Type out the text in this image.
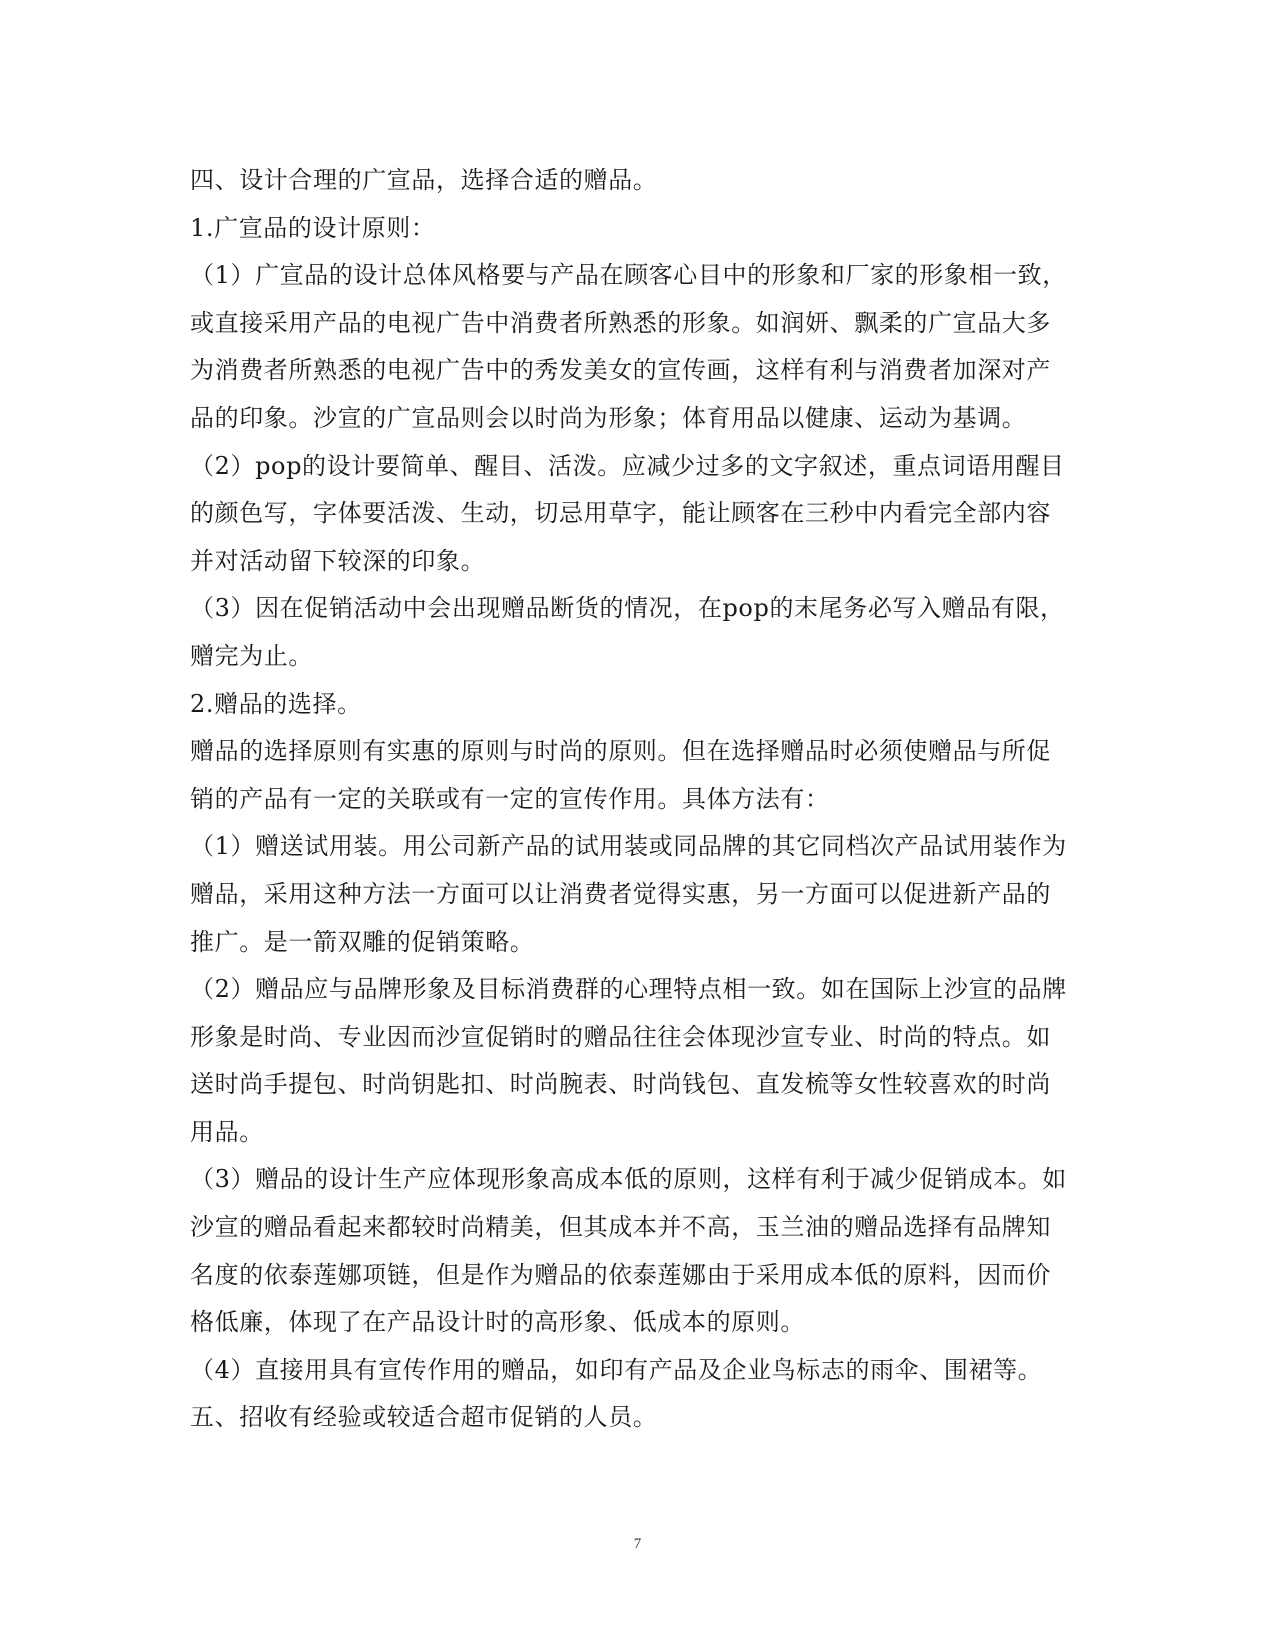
四、设计合理的广宣品，选择合适的赠品。
1.广宣品的设计原则：
（1）广宣品的设计总体风格要与产品在顾客心目中的形象和厂家的形象相一致，
或直接采用产品的电视广告中消费者所熟悉的形象。如润妍、飘柔的广宣品大多
为消费者所熟悉的电视广告中的秀发美女的宣传画，这样有利与消费者加深对产
品的印象。沙宣的广宣品则会以时尚为形象；体育用品以健康、运动为基调。
（2）pop的设计要简单、醒目、活泼。应减少过多的文字叙述，重点词语用醒目
的颜色写，字体要活泼、生动，切忌用草字，能让顾客在三秒中内看完全部内容
并对活动留下较深的印象。
（3）因在促销活动中会出现赠品断货的情况，在pop的末尾务必写入赠品有限，
赠完为止。
2.赠品的选择。
赠品的选择原则有实惠的原则与时尚的原则。但在选择赠品时必须使赠品与所促
销的产品有一定的关联或有一定的宣传作用。具体方法有：
（1）赠送试用装。用公司新产品的试用装或同品牌的其它同档次产品试用装作为
赠品，采用这种方法一方面可以让消费者觉得实惠，另一方面可以促进新产品的
推广。是一箭双雕的促销策略。
（2）赠品应与品牌形象及目标消费群的心理特点相一致。如在国际上沙宣的品牌
形象是时尚、专业因而沙宣促销时的赠品往往会体现沙宣专业、时尚的特点。如
送时尚手提包、时尚钥匙扣、时尚腕表、时尚钱包、直发梳等女性较喜欢的时尚
用品。
（3）赠品的设计生产应体现形象高成本低的原则，这样有利于减少促销成本。如
沙宣的赠品看起来都较时尚精美，但其成本并不高，玉兰油的赠品选择有品牌知
名度的依泰莲娜项链，但是作为赠品的依泰莲娜由于采用成本低的原料，因而价
格低廉，体现了在产品设计时的高形象、低成本的原则。
（4）直接用具有宣传作用的赠品，如印有产品及企业鸟标志的雨伞、围裙等。
五、招收有经验或较适合超市促销的人员。
7
